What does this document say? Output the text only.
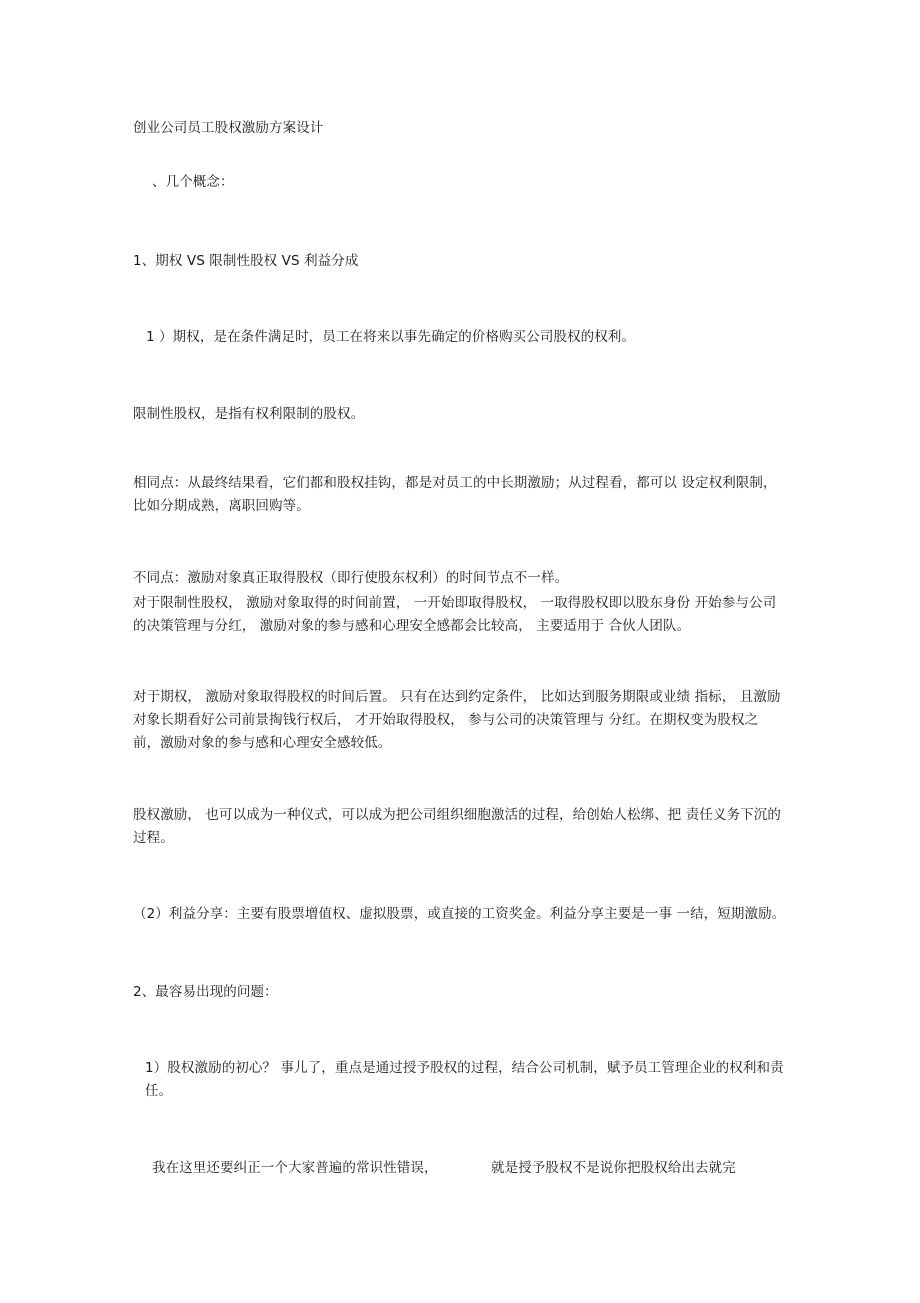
创业公司员工股权激励方案设计
、几个概念：
1、期权 VS 限制性股权 VS 利益分成
1 ）期权，是在条件满足时，员工在将来以事先确定的价格购买公司股权的权利。
限制性股权，是指有权利限制的股权。
相同点：从最终结果看，它们都和股权挂钩，都是对员工的中长期激励；从过程看，都可以 设定权利限制，比如分期成熟，离职回购等。
不同点：激励对象真正取得股权（即行使股东权利）的时间节点不一样。
对于限制性股权， 激励对象取得的时间前置， 一开始即取得股权， 一取得股权即以股东身份 开始参与公司的决策管理与分红， 激励对象的参与感和心理安全感都会比较高， 主要适用于 合伙人团队。
对于期权， 激励对象取得股权的时间后置。 只有在达到约定条件， 比如达到服务期限或业绩 指标， 且激励对象长期看好公司前景掏钱行权后， 才开始取得股权， 参与公司的决策管理与 分红。在期权变为股权之前，激励对象的参与感和心理安全感较低。
股权激励， 也可以成为一种仪式，可以成为把公司组织细胞激活的过程，给创始人松绑、把 责任义务下沉的过程。
（2）利益分享：主要有股票增值权、虚拟股票，或直接的工资奖金。利益分享主要是一事 一结，短期激励。
2、最容易出现的问题：
1）股权激励的初心？ 事儿了，重点是通过授予股权的过程，结合公司机制，赋予员工管理企业的权利和责任。
我在这里还要纠正一个大家普遍的常识性错误，	就是授予股权不是说你把股权给出去就完
